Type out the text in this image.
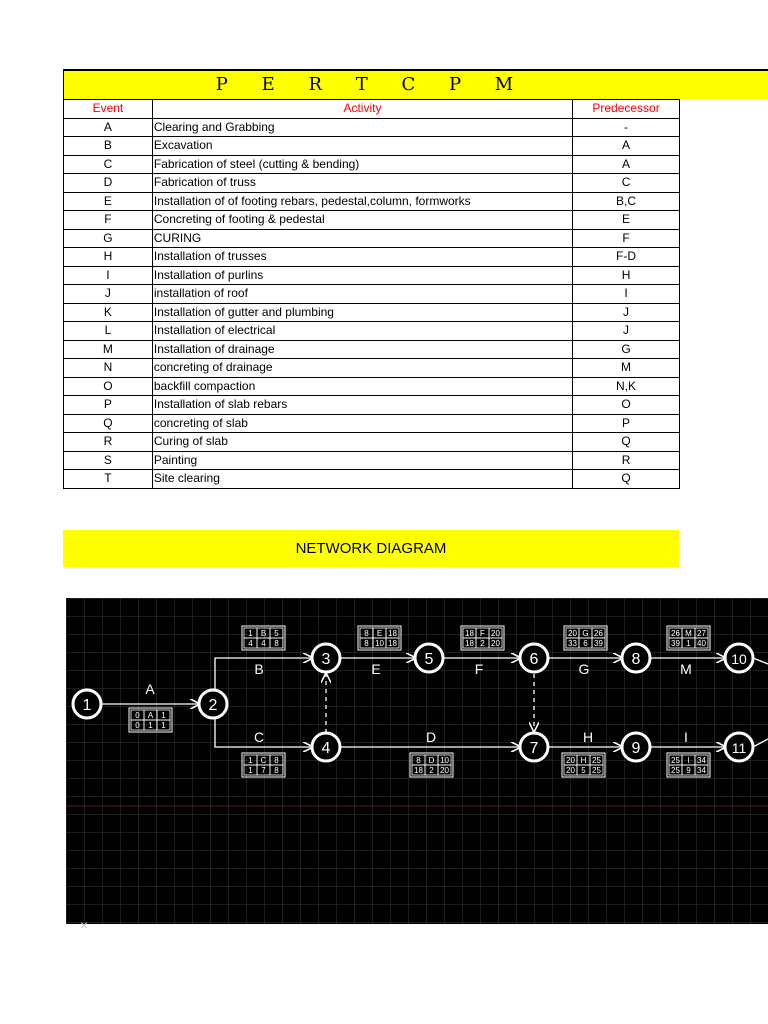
P E R T C P M
Event	Activity	Predecessor
A	Clearing and Grabbing	-
B	Excavation	A
C	Fabrication of steel (cutting & bending)	A
D	Fabrication of truss	C
E	Installation of of footing rebars, pedestal,column, formworks	B,C
F	Concreting of footing & pedestal	E
G	CURING	F
H	Installation of trusses	F-D
I	Installation of purlins	H
J	installation of roof	I
K	Installation of gutter and plumbing	J
L	Installation of electrical	J
M	Installation of drainage	G
N	concreting of drainage	M
O	backfill compaction	N,K
P	Installation of slab rebars	O
Q	concreting of slab	P
R	Curing of slab	Q
S	Painting	R
T	Site clearing	Q
NETWORK DIAGRAM
A
B
C	D
E	F	G
H	I
M
0 A 1
0 1 1
1 B 5
4 4 8
1 C 8
1 7 8
8 E 18
8 10 18
8 D 10
18 2 20
18 F 20
18 2 20
20 G 26
33 6 39
20 H 25
20 5 25
26 M 27
39 1 40
25 I 34
25 9 34
1	2
3
4
5	6
7
8
9
10
11
×
